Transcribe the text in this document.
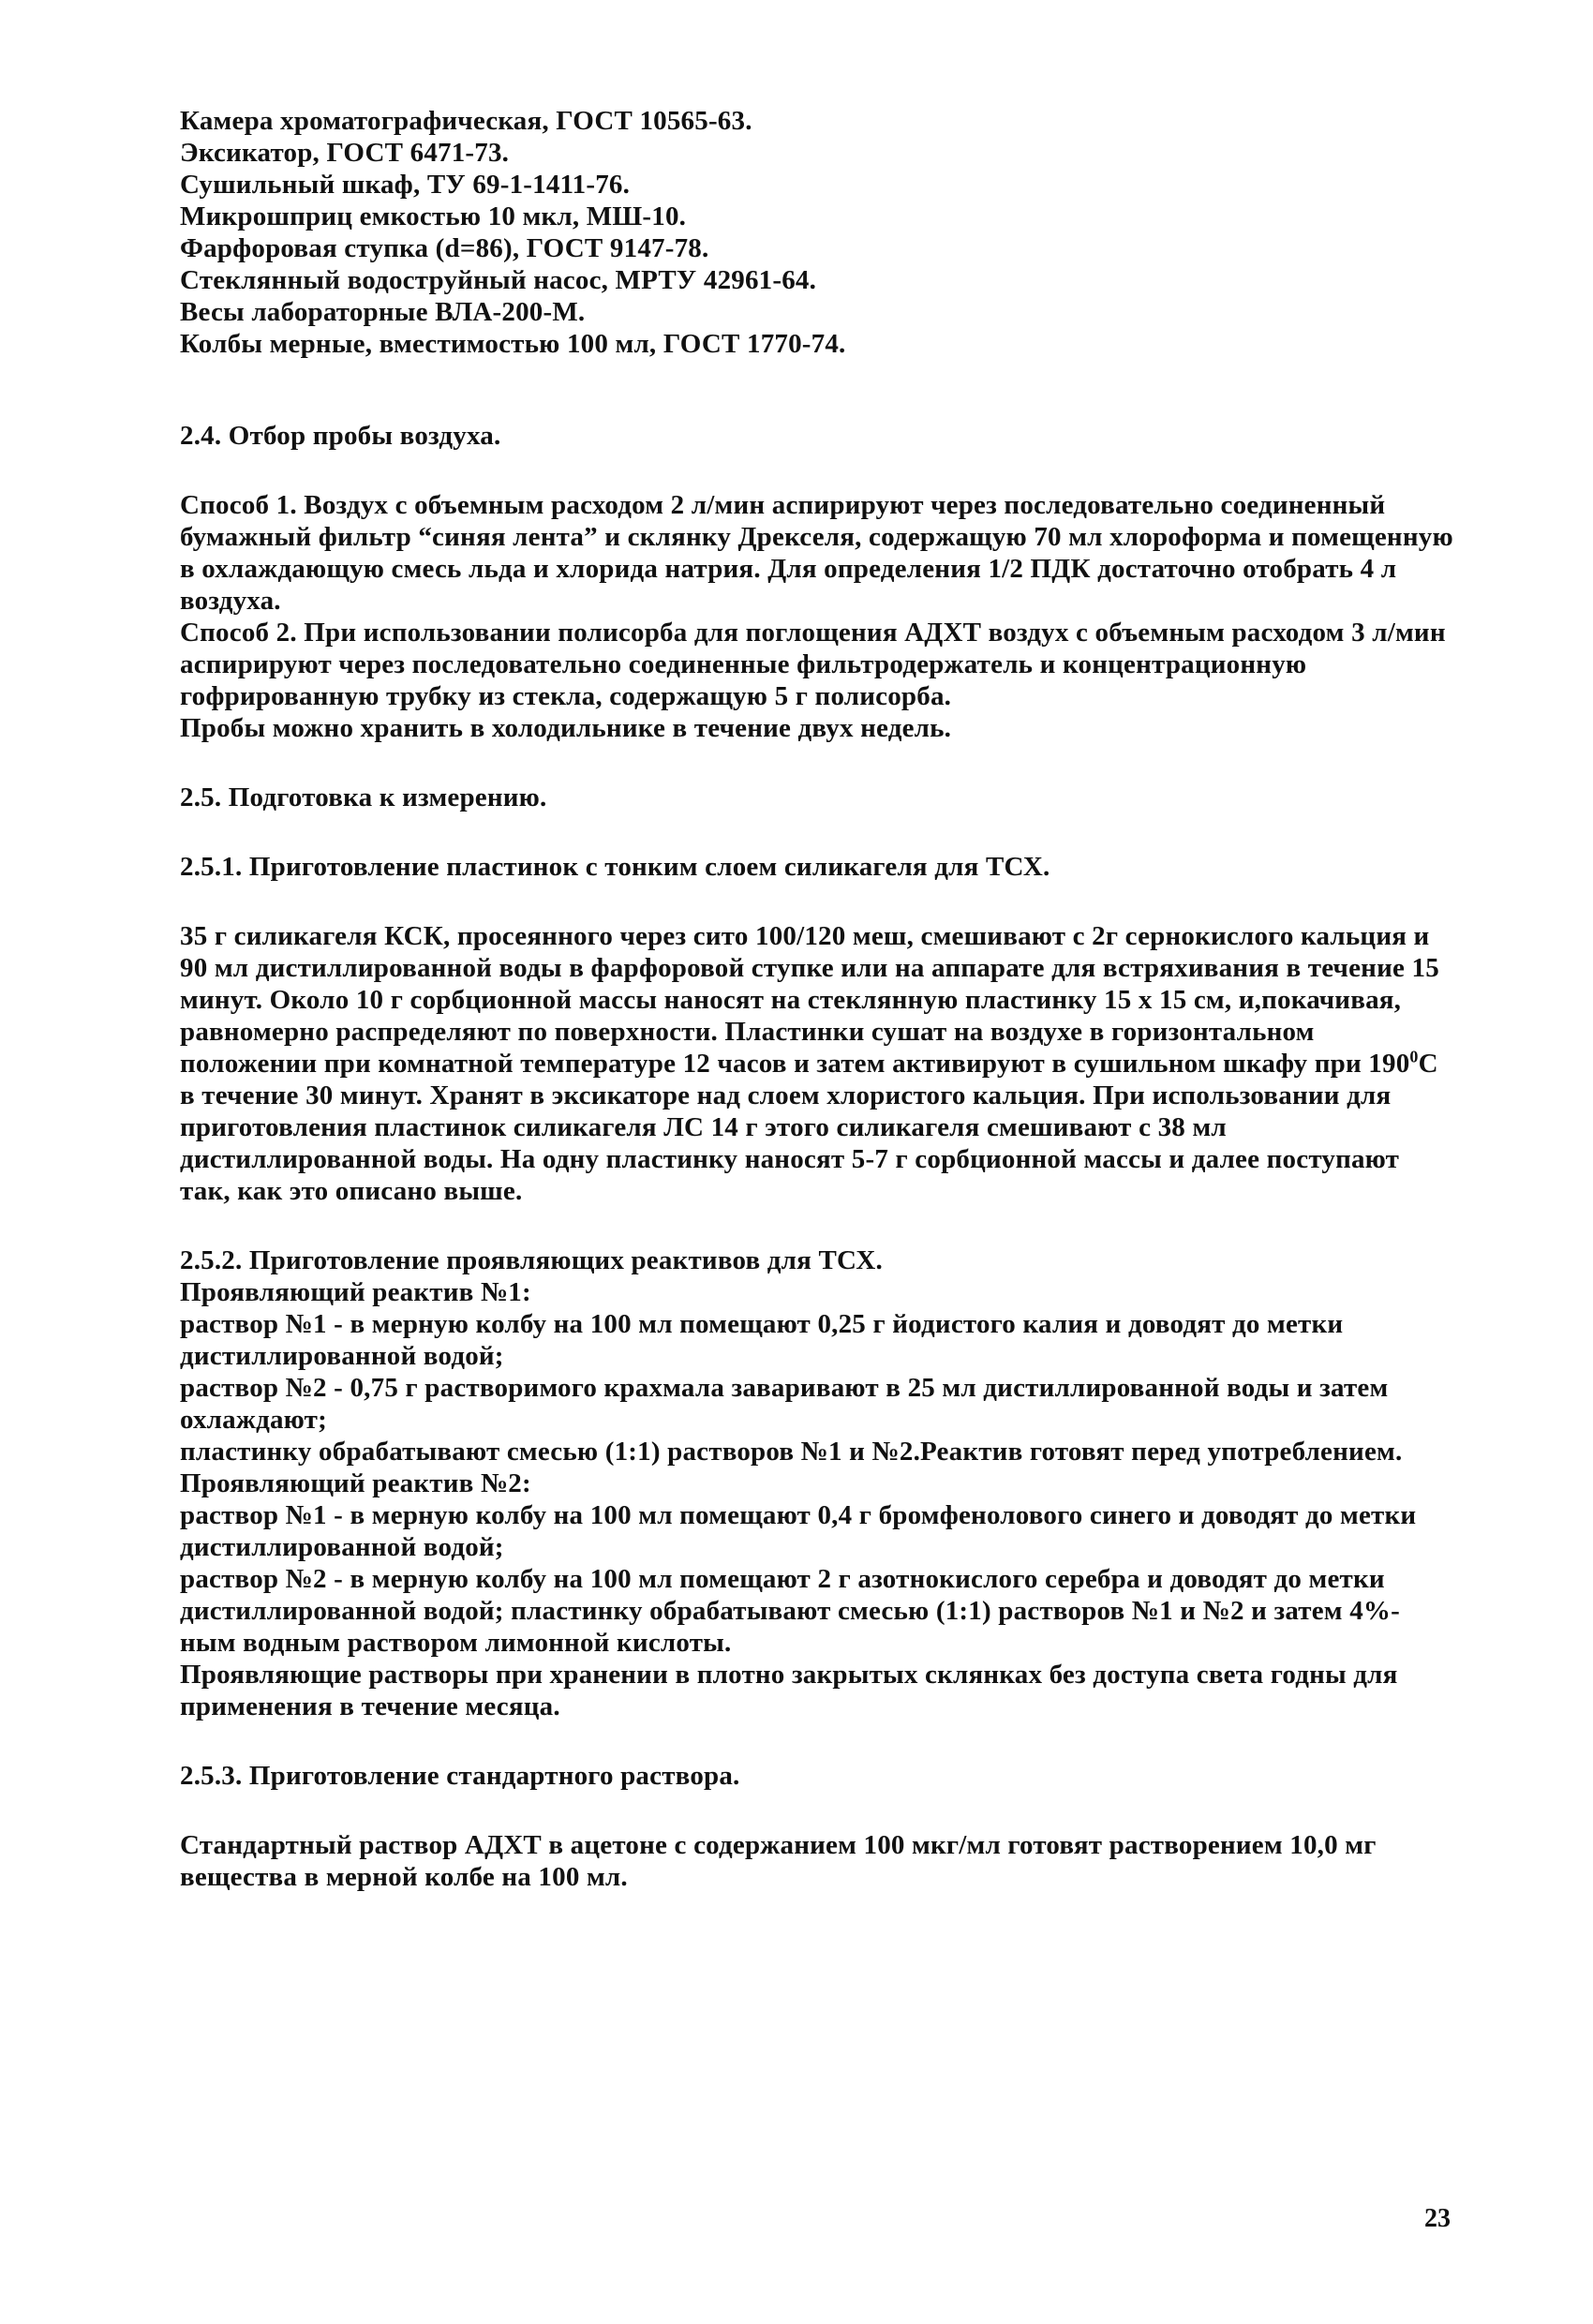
Камера хроматографическая, ГОСТ 10565-63.

Эксикатор, ГОСТ 6471-73.

Сушильный шкаф, ТУ 69-1-1411-76.

Микрошприц емкостью 10 мкл, МШ-10.

Фарфоровая ступка (d=86), ГОСТ 9147-78.

Стеклянный водоструйный насос, МРТУ 42961-64.

Весы лабораторные ВЛА-200-М.

Колбы мерные, вместимостью 100 мл, ГОСТ 1770-74.

2.4. Отбор пробы воздуха.

Способ 1. Воздух с объемным расходом 2 л/мин аспирируют через последовательно соединенный бумажный фильтр “синяя лента” и склянку Дрекселя, содержащую 70 мл хлороформа и помещенную в охлаждающую смесь льда и хлорида натрия. Для определения 1/2 ПДК достаточно отобрать 4 л воздуха.

Способ 2. При использовании полисорба для поглощения АДХТ воздух с объемным расходом 3 л/мин аспирируют через последовательно соединенные фильтродержатель и концентрационную гофрированную трубку из стекла, содержащую 5 г полисорба.

Пробы можно хранить в холодильнике в течение двух недель.

2.5. Подготовка к измерению.

2.5.1. Приготовление пластинок с тонким слоем силикагеля для ТСХ.

35 г силикагеля КСК, просеянного через сито 100/120 меш, смешивают с 2г сернокислого кальция и 90 мл дистиллированной воды в фарфоровой ступке или на аппарате для встряхивания в течение 15 минут. Около 10 г сорбционной массы наносят на стеклянную пластинку 15 х 15 см, и,покачивая, равномерно распределяют по поверхности. Пластинки сушат на воздухе в горизонтальном положении при комнатной температуре 12 часов и затем активируют в сушильном шкафу при $190^0С$ в течение 30 минут. Хранят в эксикаторе над слоем хлористого кальция. При использовании для приготовления пластинок силикагеля ЛС 14 г этого силикагеля смешивают с 38 мл дистиллированной воды. На одну пластинку наносят 5-7 г сорбционной массы и далее поступают так, как это описано выше.

2.5.2. Приготовление проявляющих реактивов для ТСХ.

Проявляющий реактив №1:

раствор №1 - в мерную колбу на 100 мл помещают 0,25 г йодистого калия и доводят до метки дистиллированной водой;

раствор №2 - 0,75 г растворимого крахмала заваривают в 25 мл дистиллированной воды и затем охлаждают;

пластинку обрабатывают смесью (1:1) растворов №1 и №2.Реактив готовят перед употреблением.

Проявляющий реактив №2:

раствор №1 - в мерную колбу на 100 мл помещают 0,4 г бромфенолового синего и доводят до метки дистиллированной водой;

раствор №2 - в мерную колбу на 100 мл помещают 2 г азотнокислого серебра и доводят до метки дистиллированной водой; пластинку обрабатывают смесью (1:1) растворов №1 и №2 и затем 4%-ным водным раствором лимонной кислоты.

Проявляющие растворы при хранении в плотно закрытых склянках без доступа света годны для применения в течение месяца.

2.5.3. Приготовление стандартного раствора.

Стандартный раствор АДХТ в ацетоне с содержанием 100 мкг/мл готовят растворением 10,0 мг вещества в мерной колбе на 100 мл.

23
